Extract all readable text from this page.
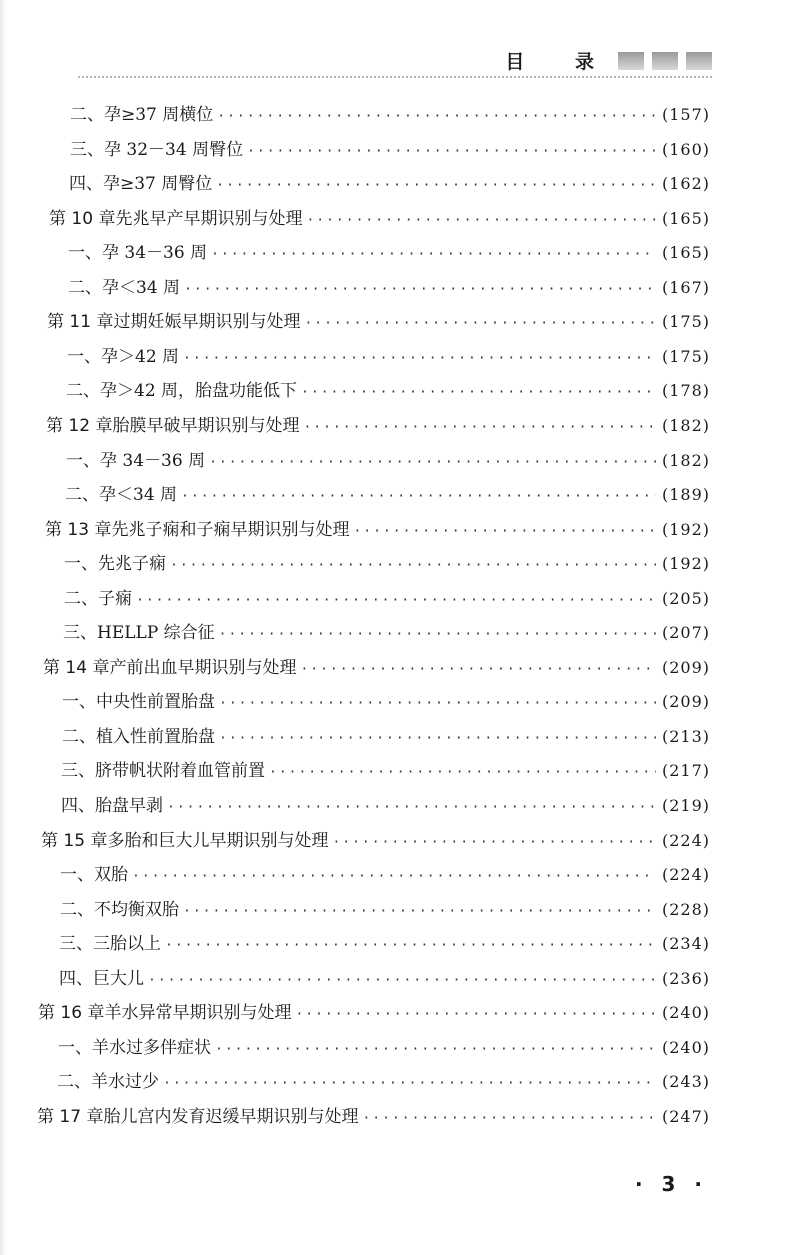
目 录
二、孕≥37 周横位 ·····	(157)
三、孕 32－34 周臀位 ·····	(160)
四、孕≥37 周臀位 ·····	(162)
第 10 章 先兆早产早期识别与处理 ·····	(165)
一、孕 34－36 周 ·····	(165)
二、孕＜34 周 ·····	(167)
第 11 章 过期妊娠早期识别与处理 ·····	(175)
一、孕＞42 周 ·····	(175)
二、孕＞42 周，胎盘功能低下 ·····	(178)
第 12 章 胎膜早破早期识别与处理 ·····	(182)
一、孕 34－36 周 ·····	(182)
二、孕＜34 周 ·····	(189)
第 13 章 先兆子痫和子痫早期识别与处理 ·····	(192)
一、先兆子痫 ·····	(192)
二、子痫 ·····	(205)
三、HELLP 综合征 ·····	(207)
第 14 章 产前出血早期识别与处理 ·····	(209)
一、中央性前置胎盘 ·····	(209)
二、植入性前置胎盘 ·····	(213)
三、脐带帆状附着血管前置 ·····	(217)
四、胎盘早剥 ·····	(219)
第 15 章 多胎和巨大儿早期识别与处理 ·····	(224)
一、双胎 ·····	(224)
二、不均衡双胎 ·····	(228)
三、三胎以上 ·····	(234)
四、巨大儿 ·····	(236)
第 16 章 羊水异常早期识别与处理 ·····	(240)
一、羊水过多伴症状 ·····	(240)
二、羊水过少 ·····	(243)
第 17 章 胎儿宫内发育迟缓早期识别与处理 ·····	(247)
· 3 ·
